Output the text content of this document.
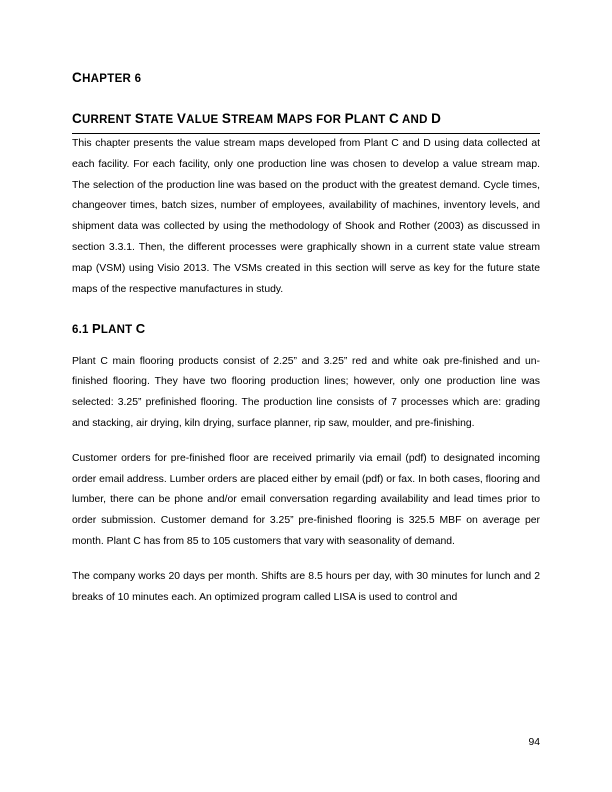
CHAPTER 6
CURRENT STATE VALUE STREAM MAPS FOR PLANT C AND D

This chapter presents the value stream maps developed from Plant C and D using data collected at each facility. For each facility, only one production line was chosen to develop a value stream map. The selection of the production line was based on the product with the greatest demand. Cycle times, changeover times, batch sizes, number of employees, availability of machines, inventory levels, and shipment data was collected by using the methodology of Shook and Rother (2003) as discussed in section 3.3.1. Then, the different processes were graphically shown in a current state value stream map (VSM) using Visio 2013. The VSMs created in this section will serve as key for the future state maps of the respective manufactures in study.

6.1 PLANT C

Plant C main flooring products consist of 2.25” and 3.25” red and white oak pre-finished and un-finished flooring. They have two flooring production lines; however, only one production line was selected: 3.25” prefinished flooring. The production line consists of 7 processes which are: grading and stacking, air drying, kiln drying, surface planner, rip saw, moulder, and pre-finishing.

Customer orders for pre-finished floor are received primarily via email (pdf) to designated incoming order email address. Lumber orders are placed either by email (pdf) or fax. In both cases, flooring and lumber, there can be phone and/or email conversation regarding availability and lead times prior to order submission. Customer demand for 3.25” pre-finished flooring is 325.5 MBF on average per month. Plant C has from 85 to 105 customers that vary with seasonality of demand.

The company works 20 days per month. Shifts are 8.5 hours per day, with 30 minutes for lunch and 2 breaks of 10 minutes each. An optimized program called LISA is used to control and

94
